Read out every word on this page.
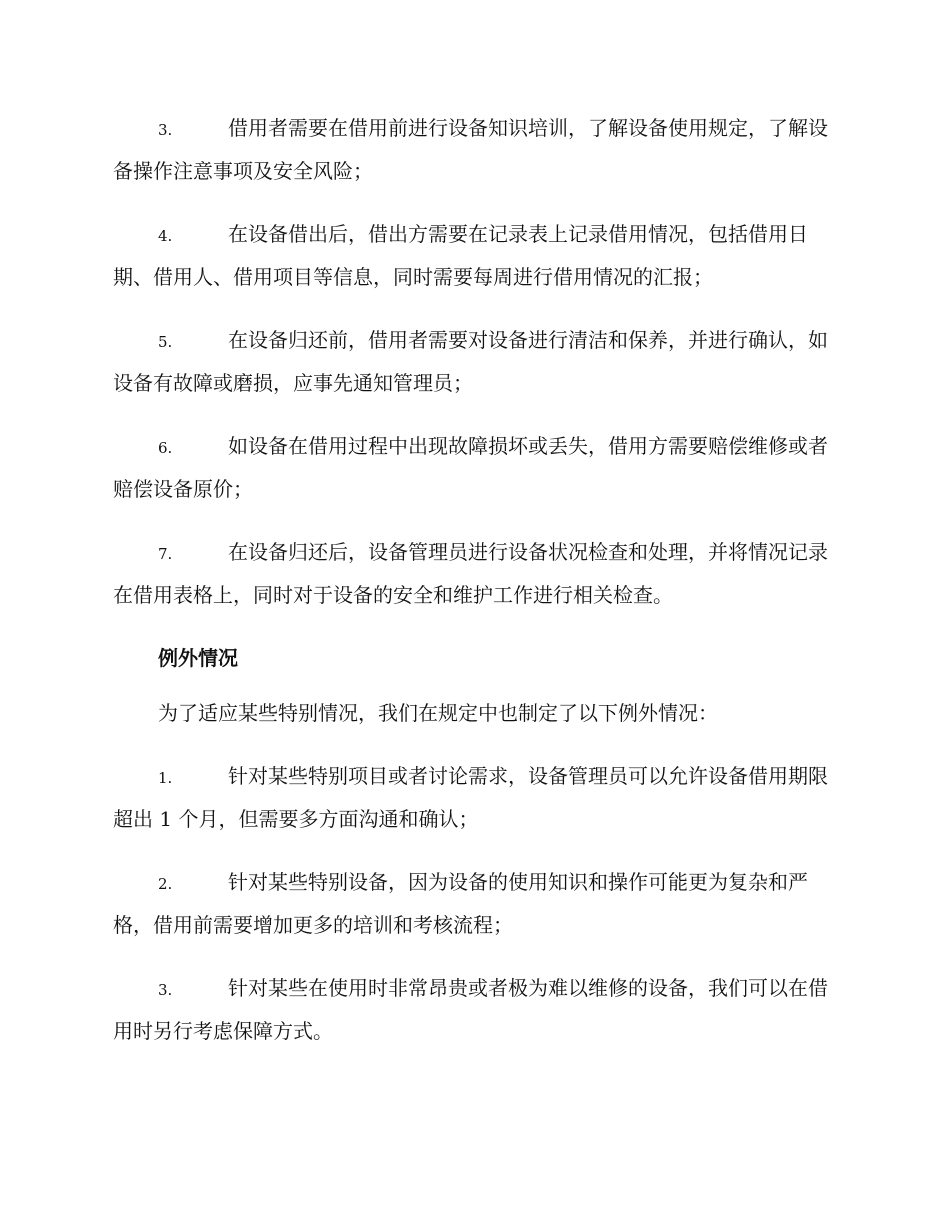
3.	借用者需要在借用前进行设备知识培训，了解设备使用规定，了解设备操作注意事项及安全风险；
4.	在设备借出后，借出方需要在记录表上记录借用情况，包括借用日期、借用人、借用项目等信息，同时需要每周进行借用情况的汇报；
5.	在设备归还前，借用者需要对设备进行清洁和保养，并进行确认，如设备有故障或磨损，应事先通知管理员；
6.	如设备在借用过程中出现故障损坏或丢失，借用方需要赔偿维修或者赔偿设备原价；
7.	在设备归还后，设备管理员进行设备状况检查和处理，并将情况记录在借用表格上，同时对于设备的安全和维护工作进行相关检查。
例外情况
为了适应某些特别情况，我们在规定中也制定了以下例外情况：
1.	针对某些特别项目或者讨论需求，设备管理员可以允许设备借用期限超出 1 个月，但需要多方面沟通和确认；
2.	针对某些特别设备，因为设备的使用知识和操作可能更为复杂和严格，借用前需要增加更多的培训和考核流程；
3.	针对某些在使用时非常昂贵或者极为难以维修的设备，我们可以在借用时另行考虑保障方式。
